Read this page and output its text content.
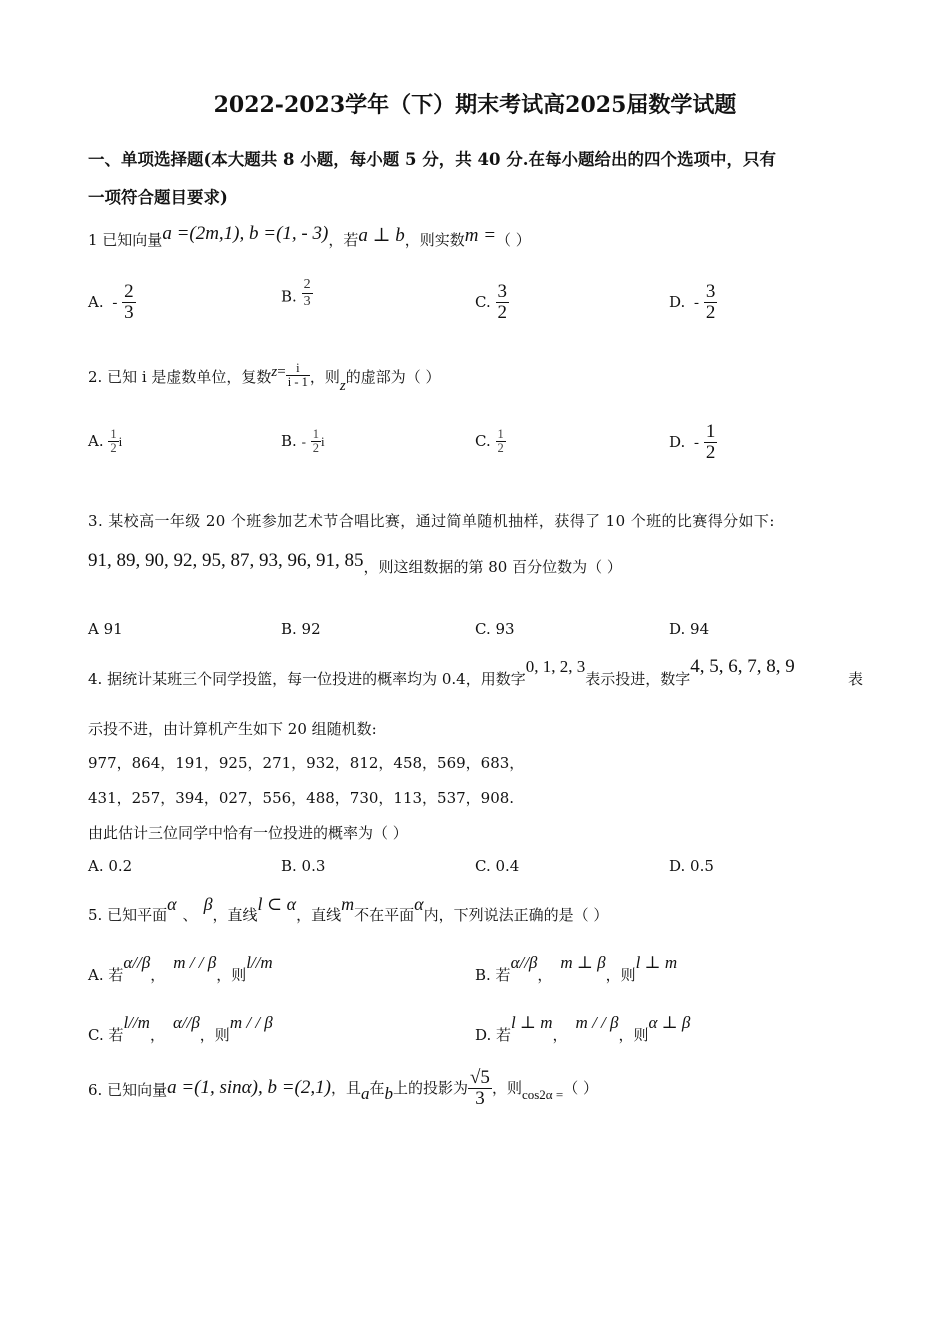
2022-2023学年（下）期末考试高2025届数学试题
一、单项选择题(本大题共 8 小题，每小题 5 分，共 40 分.在每小题给出的四个选项中，只有
一项符合题目要求)
1 已知向量a =(2m,1), b =(1, - 3)，若a ⊥ b，则实数m =（ ）
A. - $\frac{2}{3}$	B. $\frac{2}{3}$	C. $\frac{3}{2}$	D. - $\frac{3}{2}$
2. 已知 i 是虚数单位，复数$z= \frac{i}{i - 1}$ ，则z的虚部为（ ）
A. $\frac{1}{2}$ i	B. - $\frac{1}{2}$ i	C. $\frac{1}{2}$	D. - $\frac{1}{2}$
3. 某校高一年级 20 个班参加艺术节合唱比赛，通过简单随机抽样，获得了 10 个班的比赛得分如下:
91, 89, 90, 92, 95, 87, 93, 96, 91, 85，则这组数据的第 80 百分位数为（ ）
A 91	B. 92	C. 93	D. 94
4. 据统计某班三个同学投篮，每一位投进的概率均为 0.4，用数字0, 1, 2, 3表示投进，数字4, 5, 6, 7, 8, 9
表
示投不进，由计算机产生如下 20 组随机数:
977，864，191，925，271，932，812，458，569，683，
431，257，394，027，556，488，730，113，537，908.
由此估计三位同学中恰有一位投进的概率为（ ）
A. 0.2	B. 0.3	C. 0.4	D. 0.5
5. 已知平面α、β，直线l ⊂ α，直线m不在平面α内，下列说法正确的是（ ）
A. 若α//β，m / / β，则l//m
B. 若α//β，m ⊥ β，则l ⊥ m
C. 若l//m，α//β，则m / / β
D. 若l ⊥ m，m / / β，则α ⊥ β
6. 已知向量a =(1, sinα), b =(2,1)，且a在b上的投影为 $\frac{√5}{3}$ ，则cos2α =（ ）
